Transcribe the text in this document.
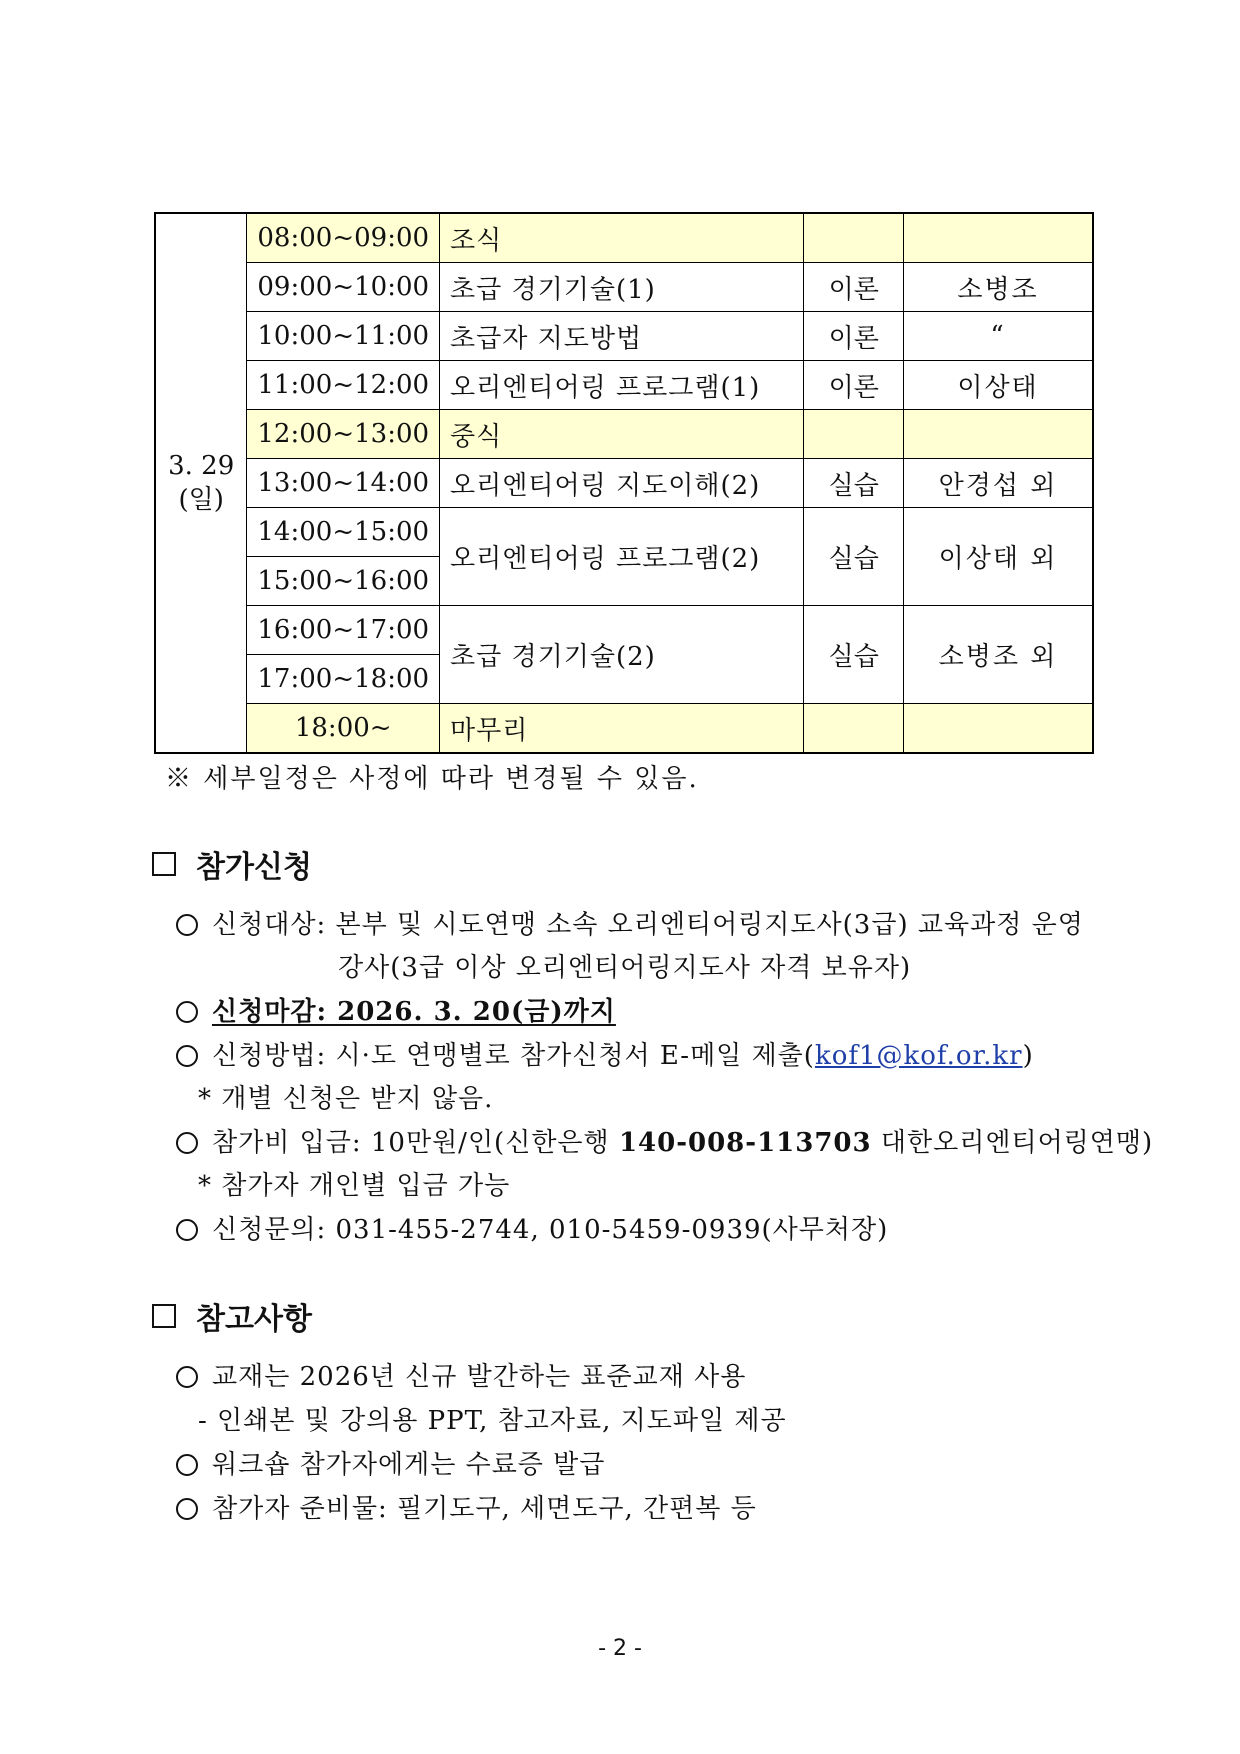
3. 29
(일)	08:00~09:00	조식		
	09:00~10:00	초급 경기기술(1)	이론	소병조
	10:00~11:00	초급자 지도방법	이론	“
	11:00~12:00	오리엔티어링 프로그램(1)	이론	이상태
	12:00~13:00	중식		
	13:00~14:00	오리엔티어링 지도이해(2)	실습	안경섭 외
	14:00~15:00	오리엔티어링 프로그램(2)	실습	이상태 외
	15:00~16:00			
	16:00~17:00	초급 경기기술(2)	실습	소병조 외
	17:00~18:00			
	18:00~	마무리		
※ 세부일정은 사정에 따라 변경될 수 있음.
참가신청
신청대상: 본부 및 시도연맹 소속 오리엔티어링지도사(3급) 교육과정 운영
강사(3급 이상 오리엔티어링지도사 자격 보유자)
신청마감: 2026. 3. 20(금)까지
신청방법: 시·도 연맹별로 참가신청서 E-메일 제출(kof1@kof.or.kr)
* 개별 신청은 받지 않음.
참가비 입금: 10만원/인(신한은행 140-008-113703 대한오리엔티어링연맹)
* 참가자 개인별 입금 가능
신청문의: 031-455-2744, 010-5459-0939(사무처장)
참고사항
교재는 2026년 신규 발간하는 표준교재 사용
- 인쇄본 및 강의용 PPT, 참고자료, 지도파일 제공
워크숍 참가자에게는 수료증 발급
참가자 준비물: 필기도구, 세면도구, 간편복 등
- 2 -
